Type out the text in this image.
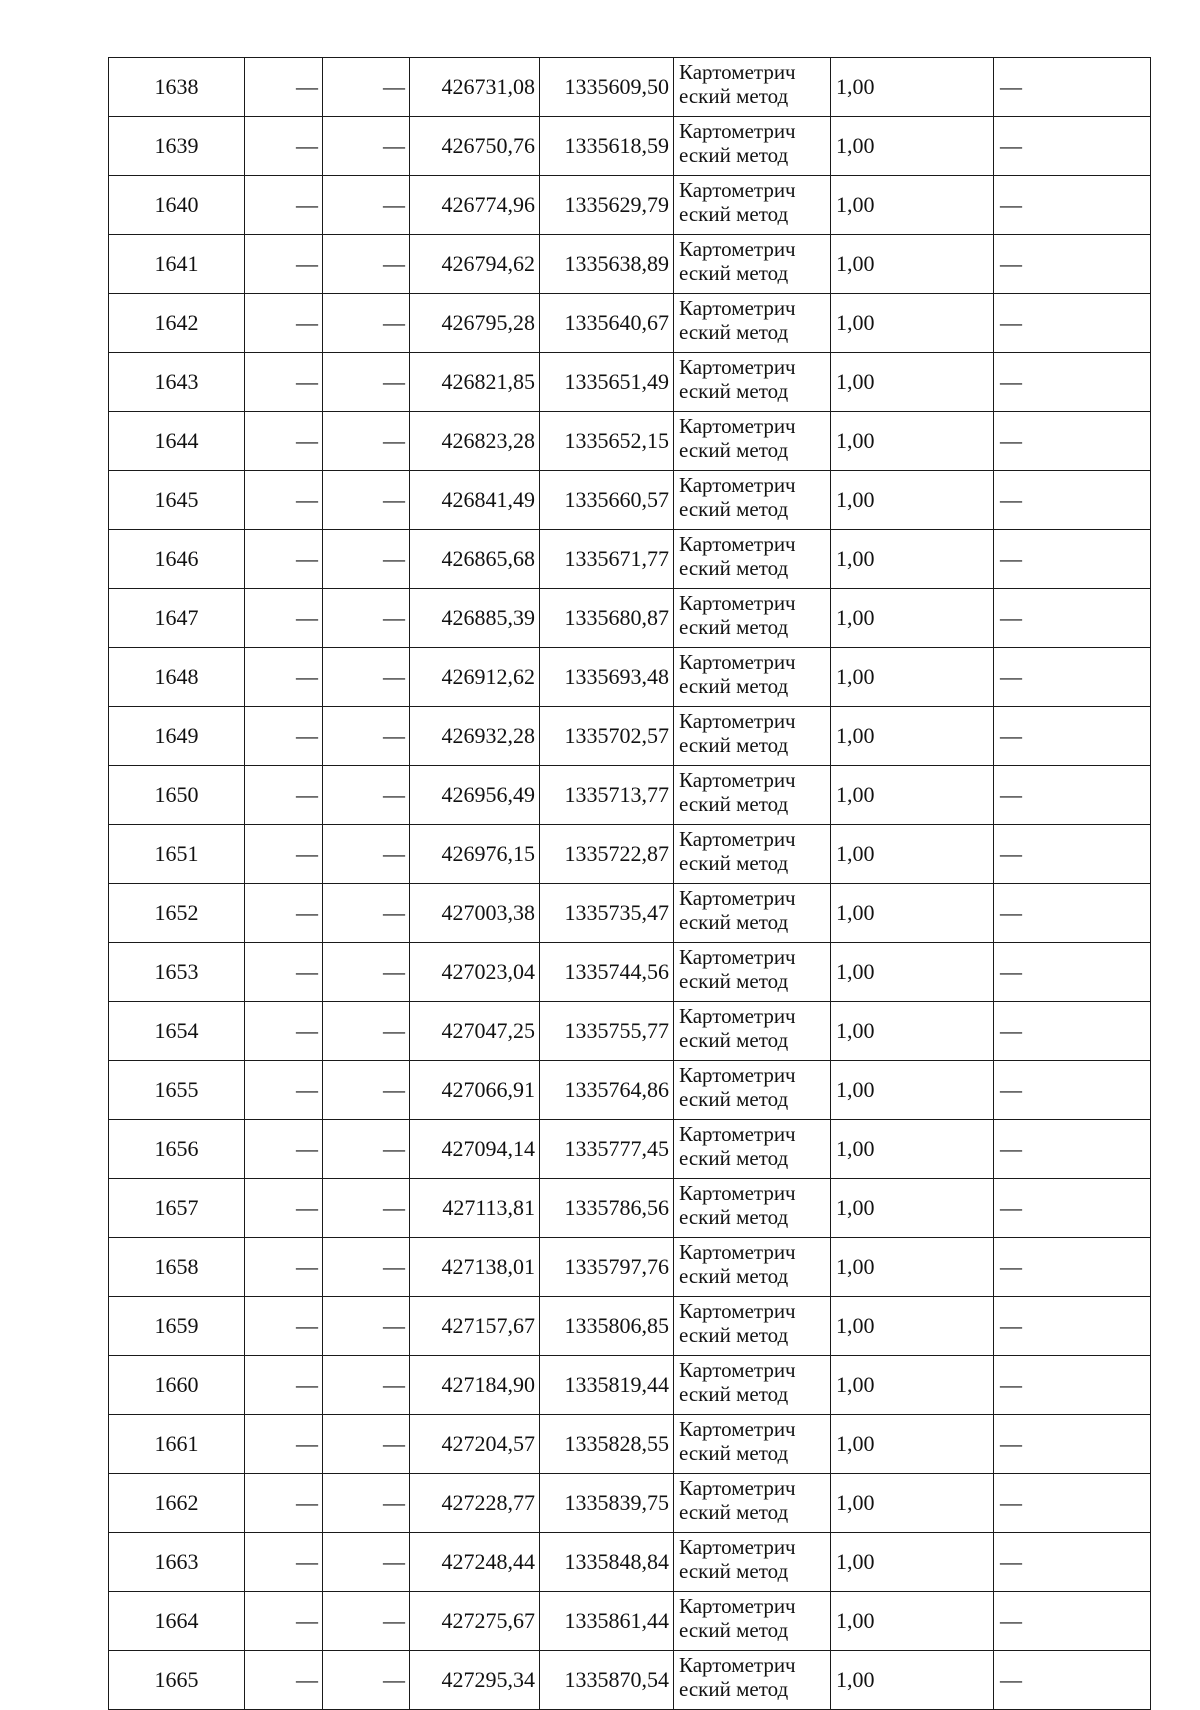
1638	—	—	426731,08	1335609,50	Картометрич
еский метод	1,00	—
1639	—	—	426750,76	1335618,59	Картометрич
еский метод	1,00	—
1640	—	—	426774,96	1335629,79	Картометрич
еский метод	1,00	—
1641	—	—	426794,62	1335638,89	Картометрич
еский метод	1,00	—
1642	—	—	426795,28	1335640,67	Картометрич
еский метод	1,00	—
1643	—	—	426821,85	1335651,49	Картометрич
еский метод	1,00	—
1644	—	—	426823,28	1335652,15	Картометрич
еский метод	1,00	—
1645	—	—	426841,49	1335660,57	Картометрич
еский метод	1,00	—
1646	—	—	426865,68	1335671,77	Картометрич
еский метод	1,00	—
1647	—	—	426885,39	1335680,87	Картометрич
еский метод	1,00	—
1648	—	—	426912,62	1335693,48	Картометрич
еский метод	1,00	—
1649	—	—	426932,28	1335702,57	Картометрич
еский метод	1,00	—
1650	—	—	426956,49	1335713,77	Картометрич
еский метод	1,00	—
1651	—	—	426976,15	1335722,87	Картометрич
еский метод	1,00	—
1652	—	—	427003,38	1335735,47	Картометрич
еский метод	1,00	—
1653	—	—	427023,04	1335744,56	Картометрич
еский метод	1,00	—
1654	—	—	427047,25	1335755,77	Картометрич
еский метод	1,00	—
1655	—	—	427066,91	1335764,86	Картометрич
еский метод	1,00	—
1656	—	—	427094,14	1335777,45	Картометрич
еский метод	1,00	—
1657	—	—	427113,81	1335786,56	Картометрич
еский метод	1,00	—
1658	—	—	427138,01	1335797,76	Картометрич
еский метод	1,00	—
1659	—	—	427157,67	1335806,85	Картометрич
еский метод	1,00	—
1660	—	—	427184,90	1335819,44	Картометрич
еский метод	1,00	—
1661	—	—	427204,57	1335828,55	Картометрич
еский метод	1,00	—
1662	—	—	427228,77	1335839,75	Картометрич
еский метод	1,00	—
1663	—	—	427248,44	1335848,84	Картометрич
еский метод	1,00	—
1664	—	—	427275,67	1335861,44	Картометрич
еский метод	1,00	—
1665	—	—	427295,34	1335870,54	Картометрич
еский метод	1,00	—
